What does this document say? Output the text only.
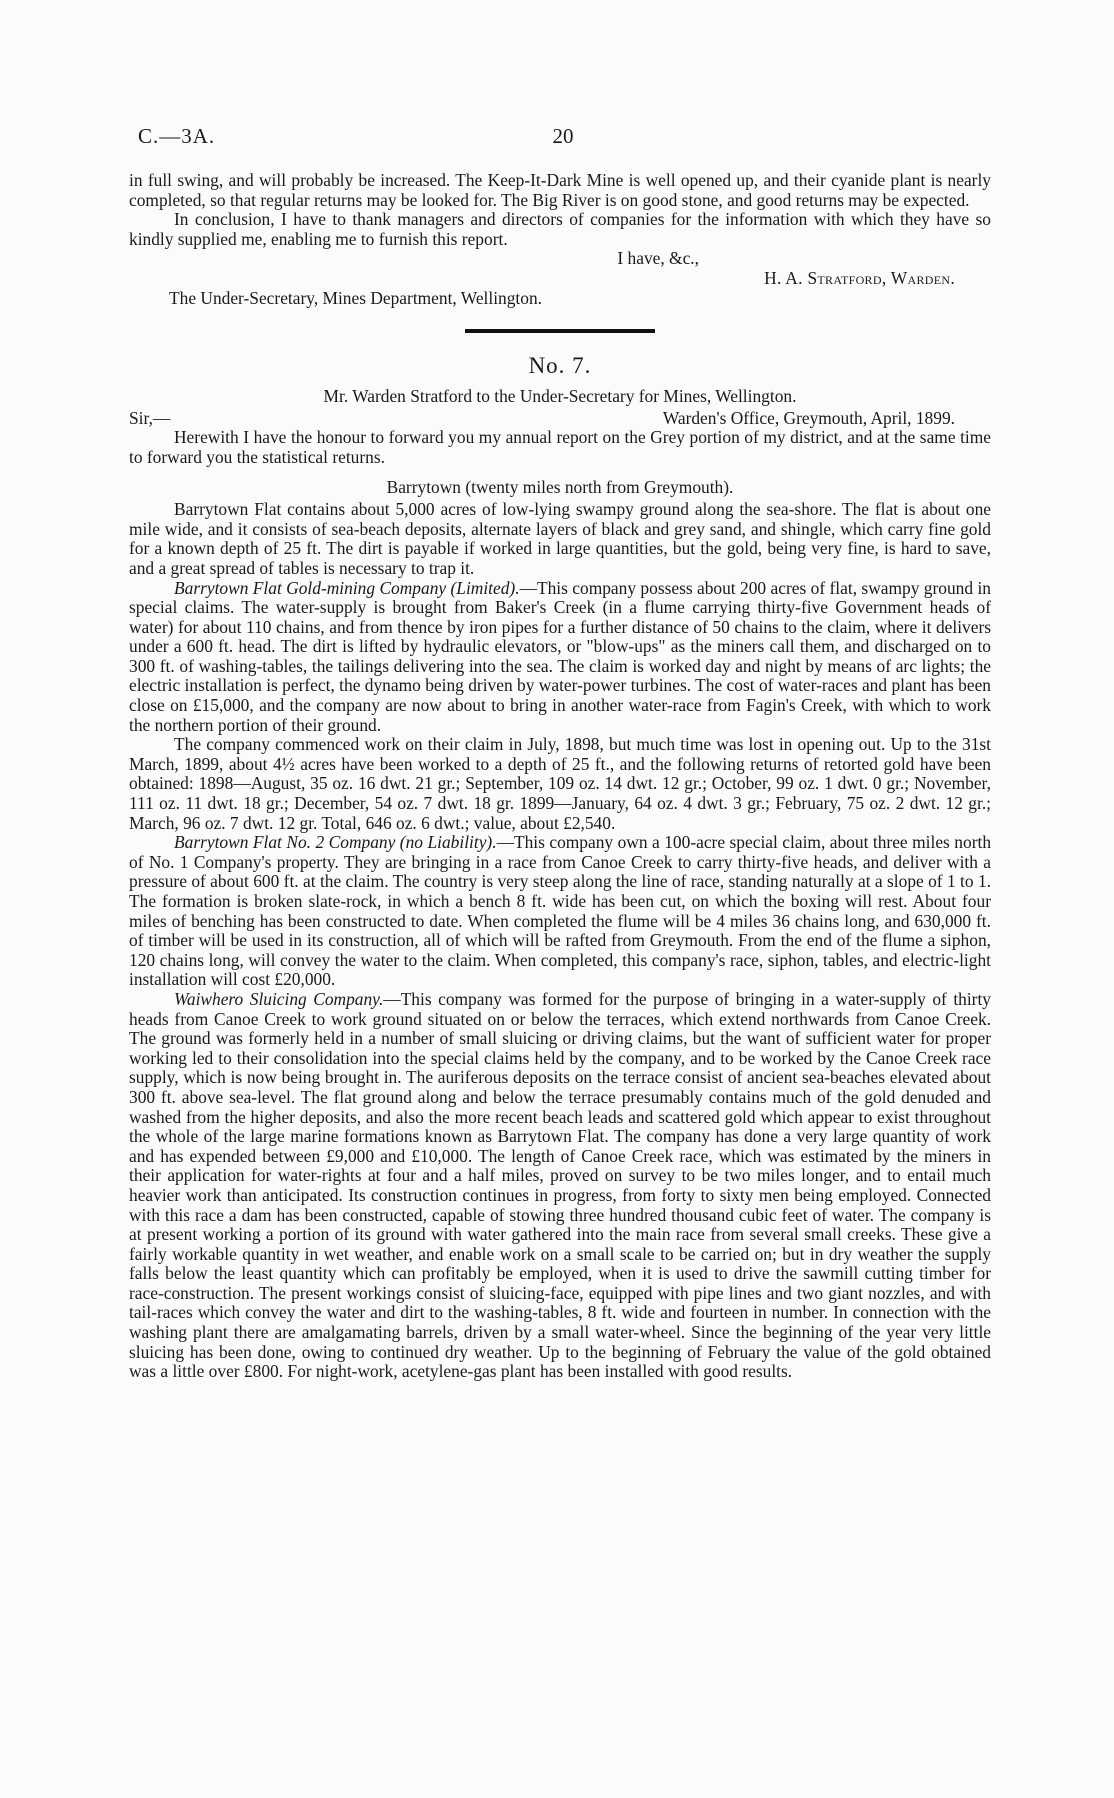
C.—3A.	20

in full swing, and will probably be increased. The Keep-It-Dark Mine is well opened up, and their cyanide plant is nearly completed, so that regular returns may be looked for. The Big River is on good stone, and good returns may be expected.

In conclusion, I have to thank managers and directors of companies for the information with which they have so kindly supplied me, enabling me to furnish this report.

I have, &c.,

H. A. Stratford, Warden.

The Under-Secretary, Mines Department, Wellington.

No. 7.

Mr. Warden Stratford to the Under-Secretary for Mines, Wellington.

Sir,—	Warden's Office, Greymouth, April, 1899.

Herewith I have the honour to forward you my annual report on the Grey portion of my district, and at the same time to forward you the statistical returns.

Barrytown (twenty miles north from Greymouth).

Barrytown Flat contains about 5,000 acres of low-lying swampy ground along the sea-shore. The flat is about one mile wide, and it consists of sea-beach deposits, alternate layers of black and grey sand, and shingle, which carry fine gold for a known depth of 25 ft. The dirt is payable if worked in large quantities, but the gold, being very fine, is hard to save, and a great spread of tables is necessary to trap it.

Barrytown Flat Gold-mining Company (Limited).—This company possess about 200 acres of flat, swampy ground in special claims. The water-supply is brought from Baker's Creek (in a flume carrying thirty-five Government heads of water) for about 110 chains, and from thence by iron pipes for a further distance of 50 chains to the claim, where it delivers under a 600 ft. head. The dirt is lifted by hydraulic elevators, or "blow-ups" as the miners call them, and discharged on to 300 ft. of washing-tables, the tailings delivering into the sea. The claim is worked day and night by means of arc lights; the electric installation is perfect, the dynamo being driven by water-power turbines. The cost of water-races and plant has been close on £15,000, and the company are now about to bring in another water-race from Fagin's Creek, with which to work the northern portion of their ground.

The company commenced work on their claim in July, 1898, but much time was lost in opening out. Up to the 31st March, 1899, about 4½ acres have been worked to a depth of 25 ft., and the following returns of retorted gold have been obtained: 1898—August, 35 oz. 16 dwt. 21 gr.; September, 109 oz. 14 dwt. 12 gr.; October, 99 oz. 1 dwt. 0 gr.; November, 111 oz. 11 dwt. 18 gr.; December, 54 oz. 7 dwt. 18 gr. 1899—January, 64 oz. 4 dwt. 3 gr.; February, 75 oz. 2 dwt. 12 gr.; March, 96 oz. 7 dwt. 12 gr. Total, 646 oz. 6 dwt.; value, about £2,540.

Barrytown Flat No. 2 Company (no Liability).—This company own a 100-acre special claim, about three miles north of No. 1 Company's property. They are bringing in a race from Canoe Creek to carry thirty-five heads, and deliver with a pressure of about 600 ft. at the claim. The country is very steep along the line of race, standing naturally at a slope of 1 to 1. The formation is broken slate-rock, in which a bench 8 ft. wide has been cut, on which the boxing will rest. About four miles of benching has been constructed to date. When completed the flume will be 4 miles 36 chains long, and 630,000 ft. of timber will be used in its construction, all of which will be rafted from Greymouth. From the end of the flume a siphon, 120 chains long, will convey the water to the claim. When completed, this company's race, siphon, tables, and electric-light installation will cost £20,000.

Waiwhero Sluicing Company.—This company was formed for the purpose of bringing in a water-supply of thirty heads from Canoe Creek to work ground situated on or below the terraces, which extend northwards from Canoe Creek. The ground was formerly held in a number of small sluicing or driving claims, but the want of sufficient water for proper working led to their consolidation into the special claims held by the company, and to be worked by the Canoe Creek race supply, which is now being brought in. The auriferous deposits on the terrace consist of ancient sea-beaches elevated about 300 ft. above sea-level. The flat ground along and below the terrace presumably contains much of the gold denuded and washed from the higher deposits, and also the more recent beach leads and scattered gold which appear to exist throughout the whole of the large marine formations known as Barrytown Flat. The company has done a very large quantity of work and has expended between £9,000 and £10,000. The length of Canoe Creek race, which was estimated by the miners in their application for water-rights at four and a half miles, proved on survey to be two miles longer, and to entail much heavier work than anticipated. Its construction continues in progress, from forty to sixty men being employed. Connected with this race a dam has been constructed, capable of stowing three hundred thousand cubic feet of water. The company is at present working a portion of its ground with water gathered into the main race from several small creeks. These give a fairly workable quantity in wet weather, and enable work on a small scale to be carried on; but in dry weather the supply falls below the least quantity which can profitably be employed, when it is used to drive the sawmill cutting timber for race-construction. The present workings consist of sluicing-face, equipped with pipe lines and two giant nozzles, and with tail-races which convey the water and dirt to the washing-tables, 8 ft. wide and fourteen in number. In connection with the washing plant there are amalgamating barrels, driven by a small water-wheel. Since the beginning of the year very little sluicing has been done, owing to continued dry weather. Up to the beginning of February the value of the gold obtained was a little over £800. For night-work, acetylene-gas plant has been installed with good results.
